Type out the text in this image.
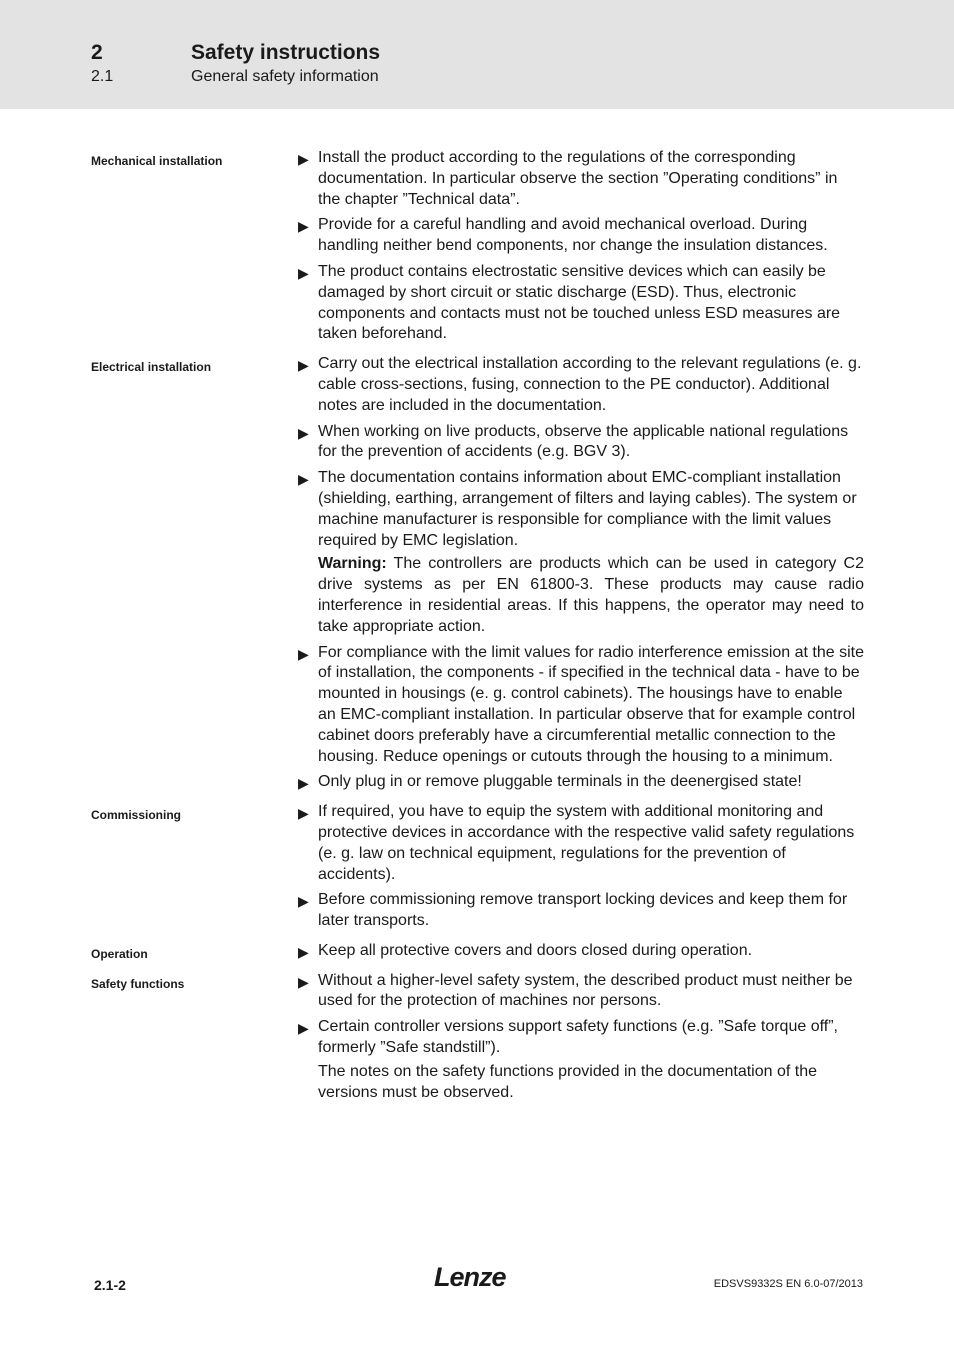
2	Safety instructions
2.1	General safety information
Mechanical installation	▶ Install the product according to the regulations of the corresponding documentation. In particular observe the section ”Operating conditions” in the chapter ”Technical data”.
▶ Provide for a careful handling and avoid mechanical overload. During handling neither bend components, nor change the insulation distances.
▶ The product contains electrostatic sensitive devices which can easily be damaged by short circuit or static discharge (ESD). Thus, electronic components and contacts must not be touched unless ESD measures are taken beforehand.
Electrical installation	▶ Carry out the electrical installation according to the relevant regulations (e. g. cable cross-sections, fusing, connection to the PE conductor). Additional notes are included in the documentation.
▶ When working on live products, observe the applicable national regulations for the prevention of accidents (e.g. BGV 3).
▶ The documentation contains information about EMC-compliant installation (shielding, earthing, arrangement of filters and laying cables). The system or machine manufacturer is responsible for compliance with the limit values required by EMC legislation.
Warning: The controllers are products which can be used in category C2 drive systems as per EN 61800-3. These products may cause radio interference in residential areas. If this happens, the operator may need to take appropriate action.
▶ For compliance with the limit values for radio interference emission at the site of installation, the components - if specified in the technical data - have to be mounted in housings (e. g. control cabinets). The housings have to enable an EMC-compliant installation. In particular observe that for example control cabinet doors preferably have a circumferential metallic connection to the housing. Reduce openings or cutouts through the housing to a minimum.
▶ Only plug in or remove pluggable terminals in the deenergised state!
Commissioning	▶ If required, you have to equip the system with additional monitoring and protective devices in accordance with the respective valid safety regulations (e. g. law on technical equipment, regulations for the prevention of accidents).
▶ Before commissioning remove transport locking devices and keep them for later transports.
Operation	▶ Keep all protective covers and doors closed during operation.
Safety functions	▶ Without a higher-level safety system, the described product must neither be used for the protection of machines nor persons.
▶ Certain controller versions support safety functions (e.g. ”Safe torque off”, formerly ”Safe standstill”).
The notes on the safety functions provided in the documentation of the versions must be observed.
2.1-2	Lenze	EDSVS9332S EN 6.0-07/2013
